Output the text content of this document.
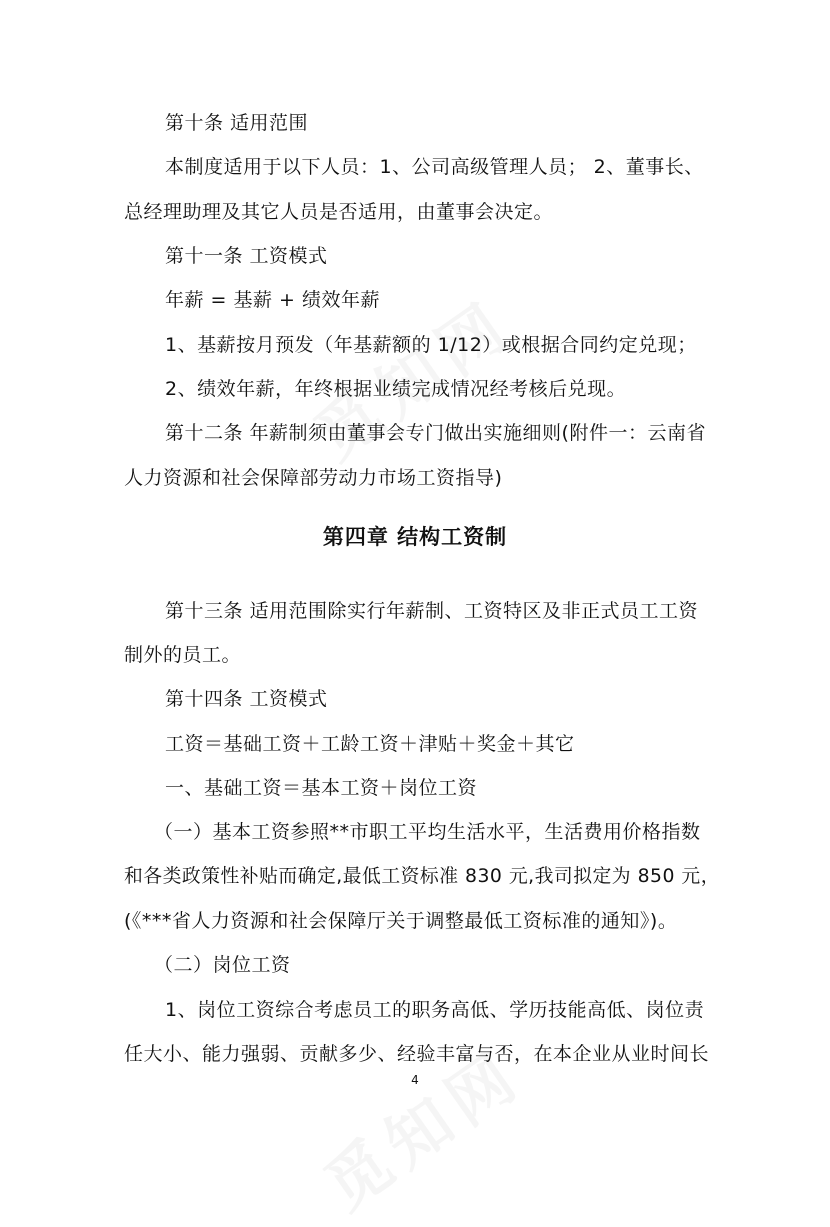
第十条 适用范围
本制度适用于以下人员：1、公司高级管理人员； 2、董事长、
总经理助理及其它人员是否适用，由董事会决定。
第十一条 工资模式
年薪 = 基薪 + 绩效年薪
1、基薪按月预发（年基薪额的 1/12）或根据合同约定兑现；
2、绩效年薪，年终根据业绩完成情况经考核后兑现。
第十二条 年薪制须由董事会专门做出实施细则(附件一：云南省
人力资源和社会保障部劳动力市场工资指导)
第四章 结构工资制
第十三条 适用范围除实行年薪制、工资特区及非正式员工工资
制外的员工。
第十四条 工资模式
工资＝基础工资＋工龄工资＋津贴＋奖金＋其它
一、基础工资＝基本工资＋岗位工资
（一）基本工资参照**市职工平均生活水平，生活费用价格指数
和各类政策性补贴而确定,最低工资标准 830 元,我司拟定为 850 元，
(《***省人力资源和社会保障厅关于调整最低工资标准的通知》)。
（二）岗位工资
1、岗位工资综合考虑员工的职务高低、学历技能高低、岗位责
任大小、能力强弱、贡献多少、经验丰富与否，在本企业从业时间长
4
